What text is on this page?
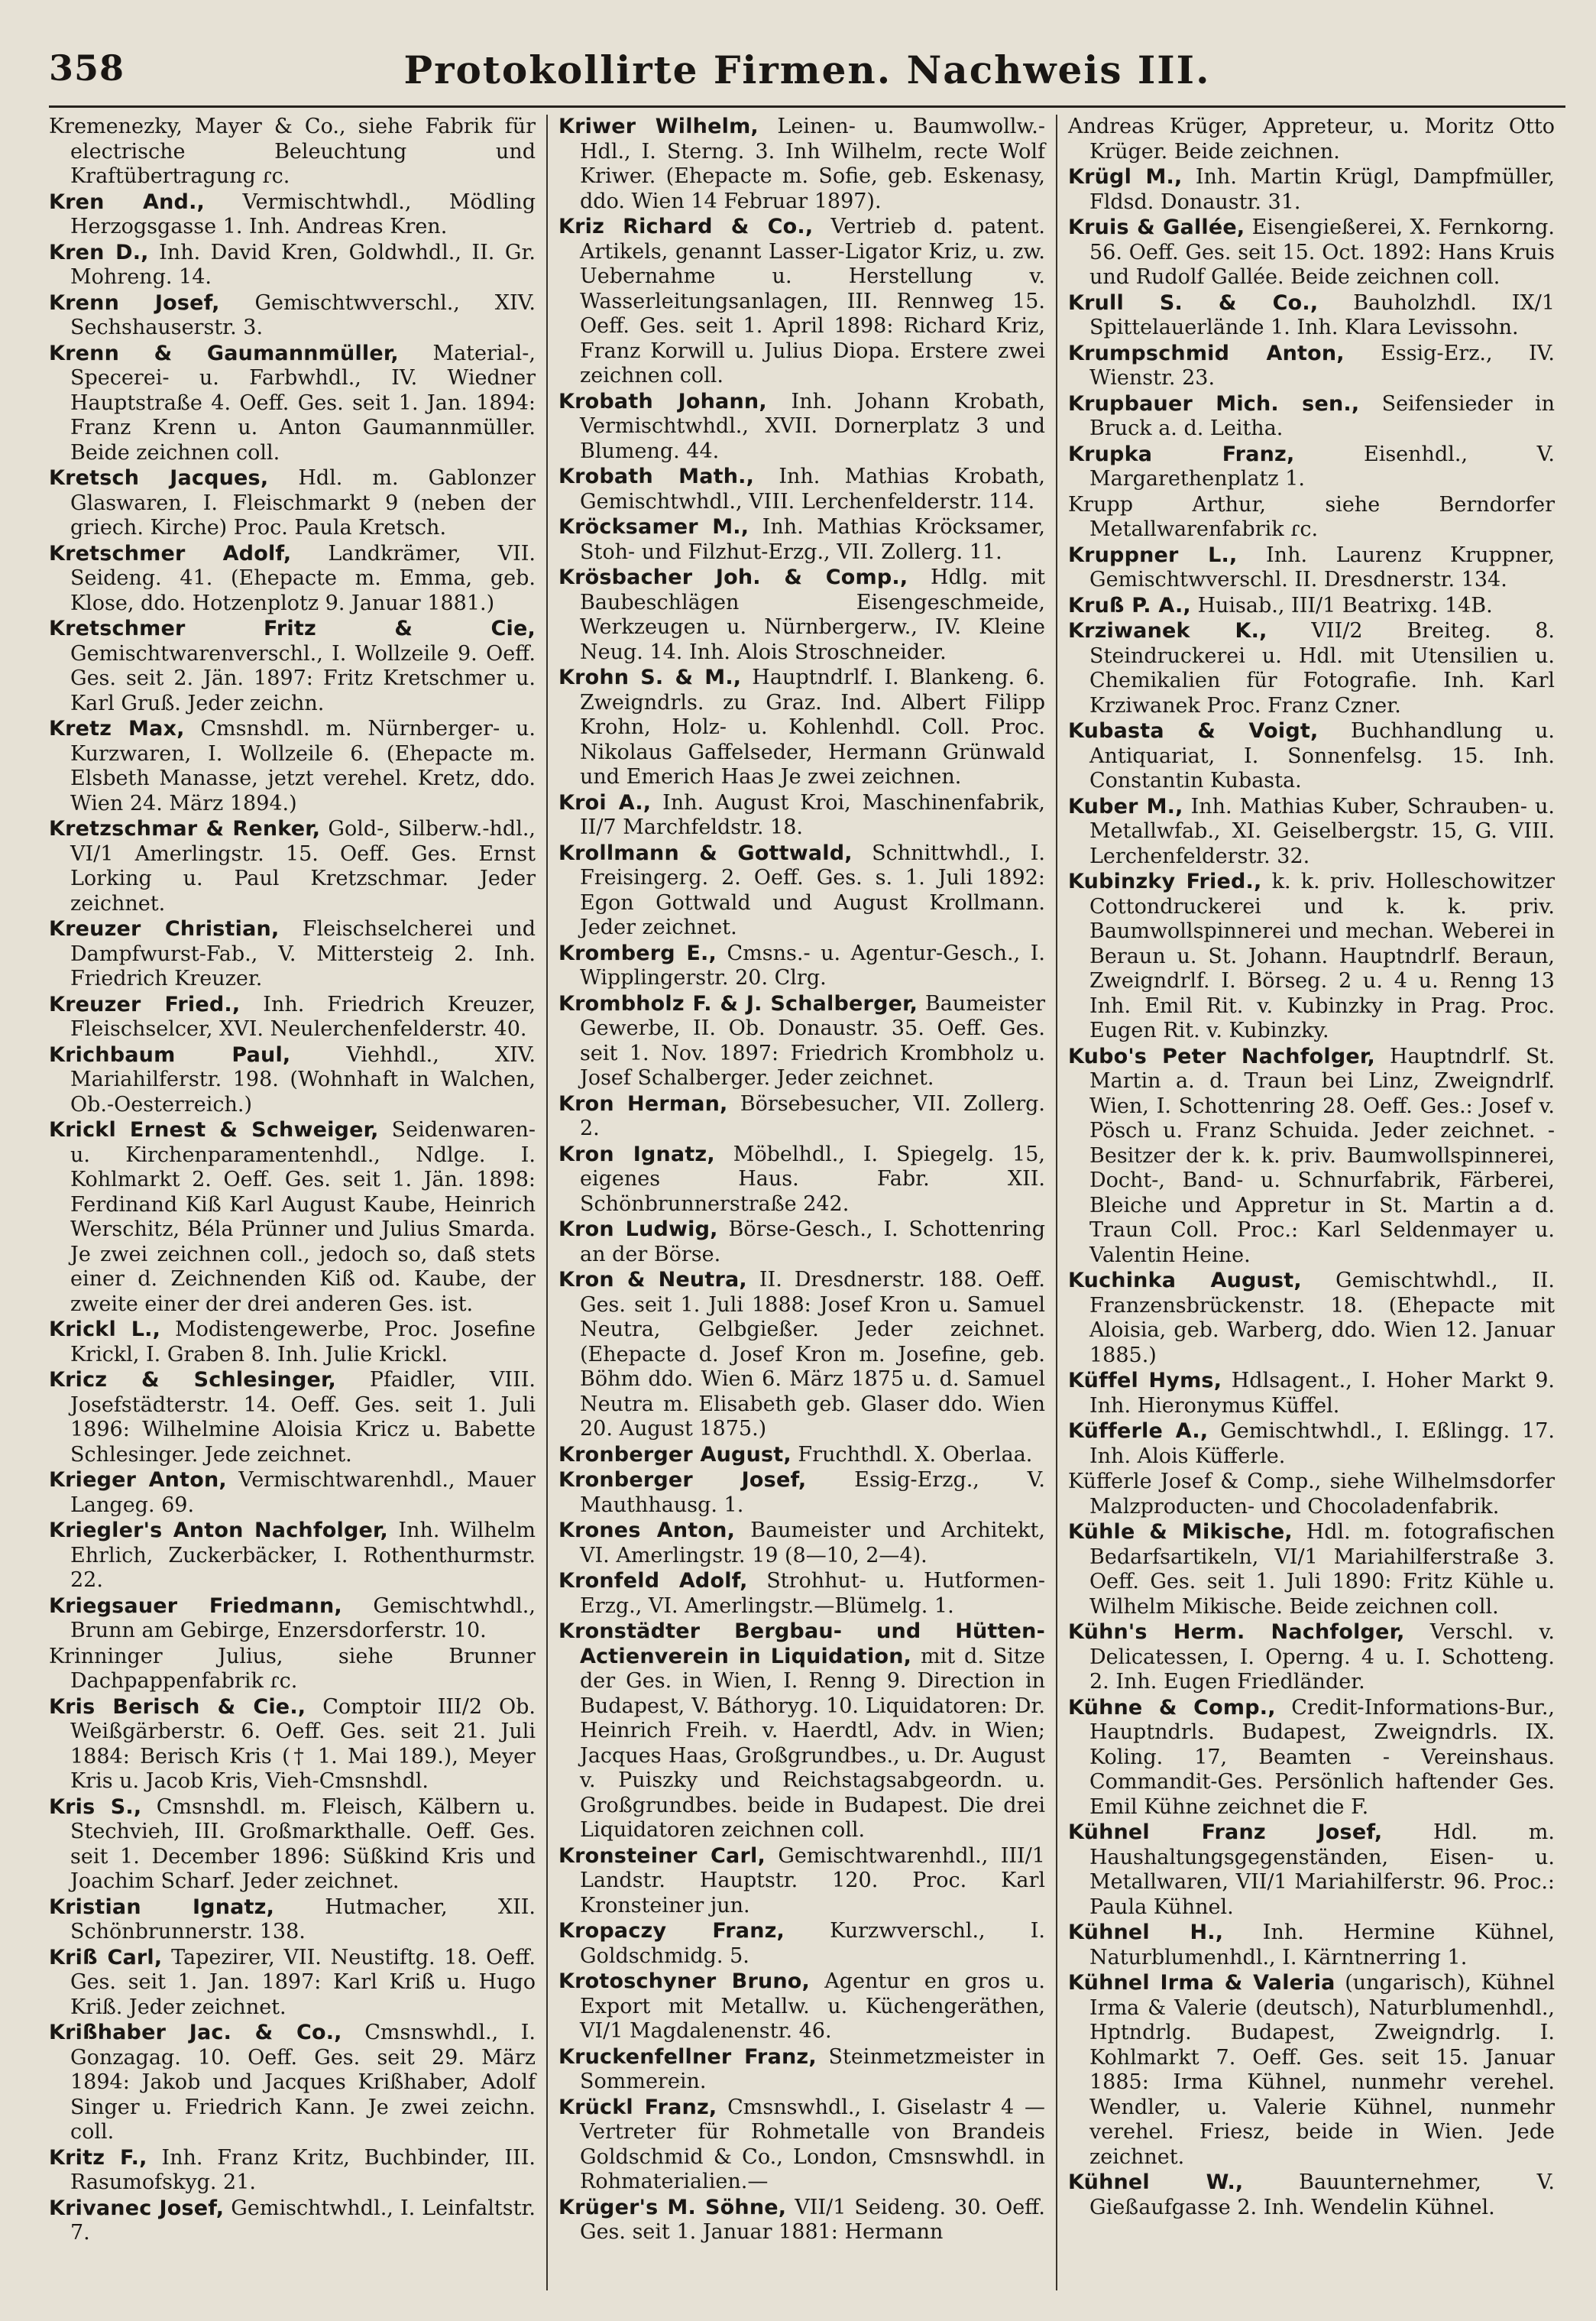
358	Protokollirte Firmen. Nachweis III.

Kremenezky, Mayer & Co., siehe Fabrik für electrische Beleuchtung und Kraftübertragung ɾc.

Kren And., Vermischtwhdl., Mödling Herzogsgasse 1. Inh. Andreas Kren.

Kren D., Inh. David Kren, Goldwhdl., II. Gr. Mohreng. 14.

Krenn Josef, Gemischtwverschl., XIV. Sechshauserstr. 3.

Krenn & Gaumannmüller, Material-, Specerei- u. Farbwhdl., IV. Wiedner Hauptstraße 4. Oeff. Ges. seit 1. Jan. 1894: Franz Krenn u. Anton Gaumannmüller. Beide zeichnen coll.

Kretsch Jacques, Hdl. m. Gablonzer Glaswaren, I. Fleischmarkt 9 (neben der griech. Kirche) Proc. Paula Kretsch.

Kretschmer Adolf, Landkrämer, VII. Seideng. 41. (Ehepacte m. Emma, geb. Klose, ddo. Hotzenplotz 9. Januar 1881.)

Kretschmer Fritz & Cie, Gemischtwarenverschl., I. Wollzeile 9. Oeff. Ges. seit 2. Jän. 1897: Fritz Kretschmer u. Karl Gruß. Jeder zeichn.

Kretz Max, Cmsnshdl. m. Nürnberger- u. Kurzwaren, I. Wollzeile 6. (Ehepacte m. Elsbeth Manasse, jetzt verehel. Kretz, ddo. Wien 24. März 1894.)

Kretzschmar & Renker, Gold-, Silberw.-hdl., VI/1 Amerlingstr. 15. Oeff. Ges. Ernst Lorking u. Paul Kretzschmar. Jeder zeichnet.

Kreuzer Christian, Fleischselcherei und Dampfwurst-Fab., V. Mittersteig 2. Inh. Friedrich Kreuzer.

Kreuzer Fried., Inh. Friedrich Kreuzer, Fleischselcer, XVI. Neulerchenfelderstr. 40.

Krichbaum Paul,	Viehhdl., XIV. Mariahilferstr. 198. (Wohnhaft in Walchen, Ob.-Oesterreich.)

Krickl Ernest & Schweiger, Seidenwaren- u. Kirchenparamentenhdl., Ndlge. I. Kohlmarkt 2. Oeff. Ges. seit 1. Jän. 1898: Ferdinand Kiß Karl August Kaube, Heinrich Werschitz, Béla Prünner und Julius Smarda. Je zwei zeichnen coll., jedoch so, daß stets einer d. Zeichnenden Kiß od. Kaube, der zweite einer der drei anderen Ges. ist.

Krickl L., Modistengewerbe, Proc. Josefine Krickl, I. Graben 8. Inh. Julie Krickl.

Kricz & Schlesinger, Pfaidler, VIII. Josefstädterstr. 14. Oeff. Ges. seit 1. Juli 1896: Wilhelmine Aloisia Kricz u. Babette Schlesinger. Jede zeichnet.

Krieger Anton, Vermischtwarenhdl., Mauer Langeg. 69.

Kriegler's Anton Nachfolger, Inh. Wilhelm Ehrlich, Zuckerbäcker, I. Rothenthurmstr. 22.

Kriegsauer Friedmann, Gemischtwhdl., Brunn am Gebirge, Enzersdorferstr. 10.

Krinninger Julius, siehe Brunner Dachpappenfabrik ɾc.

Kris Berisch & Cie., Comptoir III/2 Ob. Weißgärberstr. 6. Oeff. Ges. seit 21. Juli 1884: Berisch Kris († 1. Mai 189.), Meyer Kris u. Jacob Kris, Vieh-Cmsnshdl.

Kris S., Cmsnshdl. m. Fleisch, Kälbern u. Stechvieh, III. Großmarkthalle. Oeff. Ges. seit 1. December 1896: Süßkind Kris und Joachim Scharf. Jeder zeichnet.

Kristian Ignatz, Hutmacher, XII. Schönbrunnerstr. 138.

Kriß Carl, Tapezirer, VII. Neustiftg. 18. Oeff. Ges. seit 1. Jan. 1897: Karl Kriß u. Hugo Kriß. Jeder zeichnet.

Krißhaber Jac. & Co., Cmsnswhdl., I. Gonzagag. 10. Oeff. Ges. seit 29. März 1894: Jakob und Jacques Krißhaber, Adolf Singer u. Friedrich Kann. Je zwei zeichn. coll.

Kritz F., Inh. Franz Kritz, Buchbinder, III. Rasumofskyg. 21.

Krivanec Josef, Gemischtwhdl., I. Leinfaltstr. 7.

Kriwer Wilhelm, Leinen- u. Baumwollw.-Hdl., I. Sterng. 3. Inh Wilhelm, recte Wolf Kriwer. (Ehepacte m. Sofie, geb. Eskenasy, ddo. Wien 14 Februar 1897).

Kriz Richard & Co., Vertrieb d. patent. Artikels, genannt Lasser-Ligator Kriz, u. zw. Uebernahme u. Herstellung v. Wasserleitungsanlagen, III. Rennweg 15. Oeff. Ges. seit 1. April 1898: Richard Kriz, Franz Korwill u. Julius Diopa. Erstere zwei zeichnen coll.

Krobath Johann, Inh. Johann Krobath, Vermischtwhdl., XVII. Dornerplatz 3 und Blumeng. 44.

Krobath Math., Inh. Mathias Krobath, Gemischtwhdl., VIII. Lerchenfelderstr. 114.

Kröcksamer M., Inh. Mathias Kröcksamer, Stoh- und Filzhut-Erzg., VII. Zollerg. 11.

Krösbacher Joh. & Comp., Hdlg. mit Baubeschlägen Eisengeschmeide, Werkzeugen u. Nürnbergerw., IV. Kleine Neug. 14. Inh. Alois Stroschneider.

Krohn S. & M., Hauptndrlf. I. Blankeng. 6. Zweigndrls. zu Graz. Ind. Albert Filipp Krohn, Holz- u. Kohlenhdl. Coll. Proc. Nikolaus Gaffelseder, Hermann Grünwald und Emerich Haas Je zwei zeichnen.

Kroi A., Inh. August Kroi, Maschinenfabrik, II/7 Marchfeldstr. 18.

Krollmann & Gottwald, Schnittwhdl., I. Freisingerg. 2. Oeff. Ges. s. 1. Juli 1892: Egon Gottwald und August Krollmann. Jeder zeichnet.

Kromberg E., Cmsns.- u. Agentur-Gesch., I. Wipplingerstr. 20. Clrg.

Krombholz F. & J. Schalberger, Baumeister Gewerbe, II. Ob. Donaustr. 35. Oeff. Ges. seit 1. Nov. 1897: Friedrich Krombholz u. Josef Schalberger. Jeder zeichnet.

Kron Herman, Börsebesucher, VII. Zollerg. 2.

Kron Ignatz, Möbelhdl., I. Spiegelg. 15, eigenes Haus. Fabr. XII. Schönbrunnerstraße 242.

Kron Ludwig, Börse-Gesch., I. Schottenring an der Börse.

Kron & Neutra, II. Dresdnerstr. 188. Oeff. Ges. seit 1. Juli 1888: Josef Kron u. Samuel Neutra, Gelbgießer. Jeder zeichnet. (Ehepacte d. Josef Kron m. Josefine, geb. Böhm ddo. Wien 6. März 1875 u. d. Samuel Neutra m. Elisabeth geb. Glaser ddo. Wien 20. August 1875.)

Kronberger August, Fruchthdl. X. Oberlaa.

Kronberger Josef, Essig-Erzg., V. Mauthhausg. 1.

Krones Anton, Baumeister und Architekt, VI. Amerlingstr. 19 (8—10, 2—4).

Kronfeld Adolf, Strohhut- u. Hutformen-Erzg., VI. Amerlingstr.—Blümelg. 1.

Kronstädter Bergbau- und Hütten-Actienverein in Liquidation, mit d. Sitze der Ges. in Wien, I. Renng 9. Direction in Budapest, V. Báthoryg. 10. Liquidatoren: Dr. Heinrich Freih. v. Haerdtl, Adv. in Wien; Jacques Haas, Großgrundbes., u. Dr. August v. Puiszky und Reichstagsabgeordn. u. Großgrundbes. beide in Budapest. Die drei Liquidatoren zeichnen coll.

Kronsteiner Carl, Gemischtwarenhdl., III/1 Landstr. Hauptstr. 120. Proc. Karl Kronsteiner jun.

Kropaczy Franz, Kurzwverschl., I. Goldschmidg. 5.

Krotoschyner Bruno, Agentur en gros u. Export mit Metallw. u. Küchengeräthen, VI/1 Magdalenenstr. 46.

Kruckenfellner Franz, Steinmetzmeister in Sommerein.

Krückl Franz, Cmsnswhdl., I. Giselastr 4 — Vertreter für Rohmetalle von Brandeis Goldschmid & Co., London, Cmsnswhdl. in Rohmaterialien.—

Krüger's M. Söhne, VII/1 Seideng. 30. Oeff. Ges. seit 1. Januar 1881: Hermann

Andreas Krüger, Appreteur, u. Moritz Otto Krüger. Beide zeichnen.

Krügl M., Inh. Martin Krügl, Dampfmüller, Fldsd. Donaustr. 31.

Kruis & Gallée, Eisengießerei, X. Fernkorng. 56. Oeff. Ges. seit 15. Oct. 1892: Hans Kruis und Rudolf Gallée. Beide zeichnen coll.

Krull S. & Co., Bauholzhdl. IX/1 Spittelauerlände 1. Inh. Klara Levissohn.

Krumpschmid Anton, Essig-Erz., IV. Wienstr. 23.

Krupbauer Mich. sen., Seifensieder in Bruck a. d. Leitha.

Krupka Franz,	Eisenhdl., V. Margarethenplatz 1.

Krupp Arthur, siehe Berndorfer Metallwarenfabrik ɾc.

Kruppner L., Inh. Laurenz Kruppner, Gemischtwverschl. II. Dresdnerstr. 134.

Kruß P. A., Huisab., III/1 Beatrixg. 14B.

Krziwanek K., VII/2 Breiteg. 8. Steindruckerei u. Hdl. mit Utensilien u. Chemikalien für Fotografie. Inh. Karl Krziwanek Proc. Franz Czner.

Kubasta & Voigt, Buchhandlung u. Antiquariat, I. Sonnenfelsg. 15. Inh. Constantin Kubasta.

Kuber M., Inh. Mathias Kuber, Schrauben- u. Metallwfab., XI. Geiselbergstr. 15, G. VIII. Lerchenfelderstr. 32.

Kubinzky Fried., k. k. priv. Holleschowitzer Cottondruckerei und k. k. priv. Baumwollspinnerei und mechan. Weberei in Beraun u. St. Johann. Hauptndrlf. Beraun, Zweigndrlf. I. Börseg. 2 u. 4 u. Renng 13 Inh. Emil Rit. v. Kubinzky in Prag. Proc. Eugen Rit. v. Kubinzky.

Kubo's Peter Nachfolger, Hauptndrlf. St. Martin a. d. Traun bei Linz, Zweigndrlf. Wien, I. Schottenring 28. Oeff. Ges.: Josef v. Pösch u. Franz Schuida. Jeder zeichnet. - Besitzer der k. k. priv. Baumwollspinnerei, Docht-, Band- u. Schnurfabrik, Färberei, Bleiche und Appretur in St. Martin a d. Traun Coll. Proc.: Karl Seldenmayer u. Valentin Heine.

Kuchinka August, Gemischtwhdl., II. Franzensbrückenstr. 18. (Ehepacte mit Aloisia, geb. Warberg, ddo. Wien 12. Januar 1885.)

Küffel Hyms, Hdlsagent., I. Hoher Markt 9. Inh. Hieronymus Küffel.

Küfferle A., Gemischtwhdl., I. Eßlingg. 17. Inh. Alois Küfferle.

Küfferle Josef & Comp., siehe Wilhelmsdorfer Malzproducten- und Chocoladenfabrik.

Kühle & Mikische, Hdl. m. fotografischen Bedarfsartikeln, VI/1 Mariahilferstraße 3. Oeff. Ges. seit 1. Juli 1890: Fritz Kühle u. Wilhelm Mikische. Beide zeichnen coll.

Kühn's Herm. Nachfolger, Verschl. v. Delicatessen, I. Operng. 4 u. I. Schotteng. 2. Inh. Eugen Friedländer.

Kühne & Comp., Credit-Informations-Bur., Hauptndrls. Budapest, Zweigndrls. IX. Koling. 17, Beamten - Vereinshaus. Commandit-Ges. Persönlich haftender Ges. Emil Kühne zeichnet die F.

Kühnel Franz Josef, Hdl. m. Haushaltungsgegenständen, Eisen- u. Metallwaren, VII/1 Mariahilferstr. 96. Proc.: Paula Kühnel.

Kühnel H., Inh. Hermine Kühnel, Naturblumenhdl., I. Kärntnerring 1.

Kühnel Irma & Valeria (ungarisch), Kühnel Irma & Valerie (deutsch), Naturblumenhdl., Hptndrlg. Budapest, Zweigndrlg. I. Kohlmarkt 7. Oeff. Ges. seit 15. Januar 1885: Irma Kühnel, nunmehr verehel. Wendler, u. Valerie Kühnel, nunmehr verehel. Friesz, beide in Wien. Jede zeichnet.

Kühnel W.,	Bauunternehmer, V. Gießaufgasse 2. Inh. Wendelin Kühnel.
